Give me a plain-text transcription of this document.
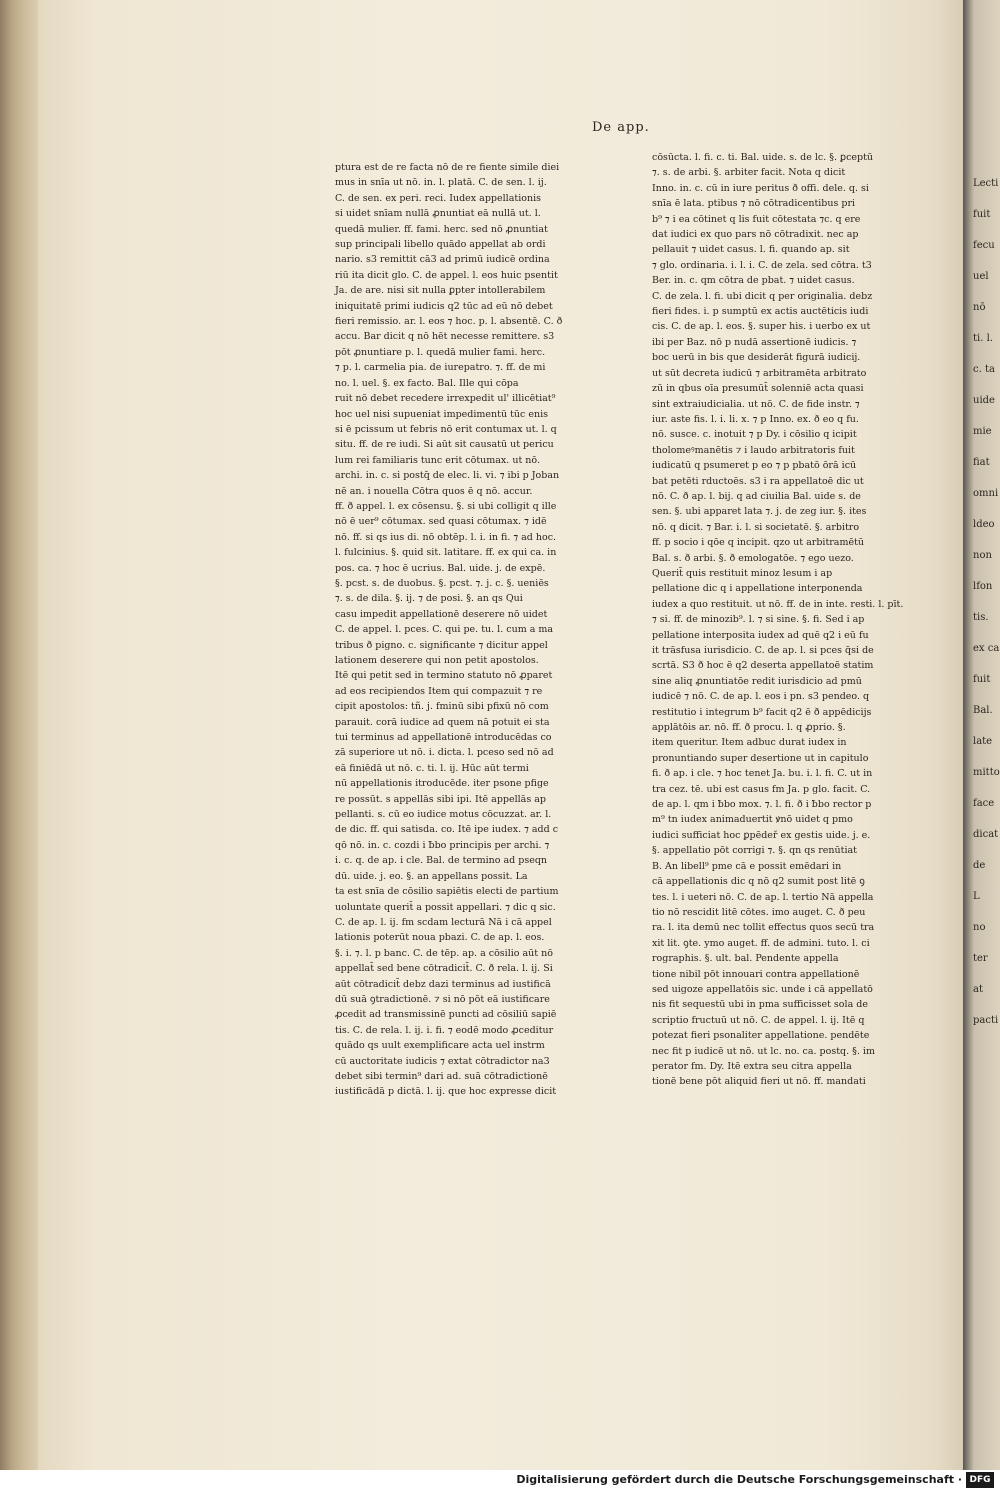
Lecti
fuit
fecu
uel
nō
ti. l.
c. ta
uide
mie
fiat
omni
ldeo
non
lfon
tis.
ex ca
fuit
Bal.
late
mitto
face
dicat
de
L
no
ter
at
pacti
De app.
ptura est de re facta nō de re fiente simile diei
mus in snīa ut nō. in. l. platā. C. de sen. l. ij.
C. de sen. ex peri. reci. Iudex appellationis
si uidet snīam nullā ꝓnuntiat eā nullā ut. l.
quedā mulier. ff. fami. herc. sed nō ꝓnuntiat
sup principali libello quādo appellat ab ordi
nario. s3 remittit cā3 ad primū iudicē ordina
riū ita dicit glo. C. de appel. l. eos huic psentit
Ja. de are. nisi sit nulla ꝑpter intollerabilem
iniquitatē primi iudicis q2 tūc ad eū nō debet
fieri remissio. ar. l. eos ⁊ hoc. p. l. absentē. C. ð
accu. Bar dicit q nō hēt necesse remittere. s3
pōt ꝓnuntiare p. l. quedā mulier fami. herc.
⁊ p. l. carmelia pia. de iurepatro. ⁊. ff. de mi
no. l. uel. §. ex facto. Bal. Ille qui cōpa
ruit nō debet recedere irrexpedit ul' illicētiat⁹
hoc uel nisi supueniat impedimentū tūc enis
si ē pcissum ut febris nō erit contumax ut. l. q
situ. ff. de re iudi. Si aūt sit causatū ut pericu
lum rei familiaris tunc erit cōtumax. ut nō.
archi. in. c. si postq̄ de elec. li. vi. ⁊ ibi p Joban
nē an. i nouella Cōtra quos ē q nō. accur.
ff. ð appel. l. ex cōsensu. §. si ubi colligit q ille
nō ē uer⁹ cōtumax. sed quasi cōtumax. ⁊ idē
nō. ff. si qs ius di. nō obtēp. l. i. in fi. ⁊ ad hoc.
l. fulcinius. §. quid sit. latitare. ff. ex qui ca. in
pos. ca. ⁊ hoc ē ucrius. Bal. uide. j. de expē.
§. pcst. s. de duobus. §. pcst. ⁊. j. c. §. ueniēs
⁊. s. de dila. §. ij. ⁊ de posi. §. an qs Qui
casu impedit appellationē deserere nō uidet
C. de appel. l. pces. C. qui pe. tu. l. cum a ma
tribus ð pigno. c. significante ⁊ dicitur appel
lationem deserere qui non petit apostolos.
Itē qui petit sed in termino statuto nō ꝓparet
ad eos recipiendos Item qui compazuit ⁊ re
cipit apostolos: tñ. j. fminū sibi pfixū nō com
parauit. corā iudice ad quem nā potuit ei sta
tui terminus ad appellationē introducēdas co
zā superiore ut nō. i. dicta. l. pceso sed nō ad
eā finiēdā ut nō. c. ti. l. ij. Hūc aūt termi
nū appellationis itroducēde. iter psone pfige
re possūt. s appellās sibi ipi. Itē appellās ap
pellanti. s. cū eo iudice motus cōcuzzat. ar. l.
de dic. ff. qui satisda. co. Itē ipe iudex. ⁊ add c
qō nō. in. c. cozdi i ƀbo principis per archi. ⁊
i. c. q. de ap. i cle. Bal. de termino ad pseqn
dū. uide. j. eo. §. an appellans possit. La
ta est snīa de cōsilio sapiētis electi de partium
uoluntate querit̄ a possit appellari. ⁊ dic q sic.
C. de ap. l. ij. fm scdam lecturā Nā i cā appel
lationis poterūt noua pbazi. C. de ap. l. eos.
§. i. ⁊. l. p banc. C. de tēp. ap. a cōsilio aūt nō
appellat̄ sed bene cōtradicit̄. C. ð rela. l. ij. Si
aūt cōtradicit̄ debz dazi terminus ad iustificā
dū suā ꝯtradictionē. ⁊ si nō pōt eā iustificare
ꝓcedit ad transmissinē puncti ad cōsiliū sapiē
tis. C. de rela. l. ij. i. fi. ⁊ eodē modo ꝓceditur
quādo qs uult exemplificare acta uel instrm
cū auctoritate iudicis ⁊ extat cōtradictor na3
debet sibi termin⁹ dari ad. suā cōtradictionē
iustificādā p dictā. l. ij. que hoc expresse dicit
cōsūcta. l. fi. c. ti. Bal. uide. s. de lc. §. ꝑceptū
⁊. s. de arbi. §. arbiter facit. Nota q dicit
Inno. in. c. cū in iure peritus ð offi. dele. q. si
snīa ē lata. ptibus ⁊ nō cōtradicentibus pri
b⁹ ⁊ i ea cōtinet q lis fuit cōtestata ⁊c. q ere
dat iudici ex quo pars nō cōtradixit. nec ap
pellauit ⁊ uidet casus. l. fi. quando ap. sit
⁊ glo. ordinaria. i. l. i. C. de zela. sed cōtra. t3
Ber. in. c. qm cōtra de pbat. ⁊ uidet casus.
C. de zela. l. fi. ubi dicit q per originalia. debz
fieri fides. i. p sumptū ex actis auctēticis iudi
cis. C. de ap. l. eos. §. super his. i uerbo ex ut
ibi per Baz. nō p nudā assertionē iudicis. ⁊
boc uerū in bis que desiderāt figurā iudicij.
ut sūt decreta iudicū ⁊ arbitramēta arbitrato
zū in qbus oīa presumūt̄ solenniē acta quasi
sint extraiudicialia. ut nō. C. de fide instr. ⁊
iur. aste fis. l. i. li. x. ⁊ p Inno. ex. ð eo q fu.
nō. susce. c. inotuit ⁊ p Dy. i cōsilio q icipit
tholomeꝰmanētis ⁊ i laudo arbitratoris fuit
iudicatū q psumeret p eo ⁊ p pbatō ōrā icū
bat petēti rductoēs. s3 i ra appellatoē dic ut
nō. C. ð ap. l. bij. q ad ciuilia Bal. uide s. de
sen. §. ubi apparet lata ⁊. j. de zeg iur. §. ites
nō. q dicit. ⁊ Bar. i. l. si societatē. §. arbitro
ff. p socio i qōe q incipit. qzo ut arbitramētū
Bal. s. ð arbi. §. ð emologatōe. ⁊ ego uezo.
Querit̄ quis restituit minoz lesum i ap
pellatione dic q i appellatione interponenda
iudex a quo restituit. ut nō. ff. de in inte. resti. l. pīt.
⁊ si. ff. de minozib⁹. l. ⁊ si sine. §. fi. Sed i ap
pellatione interposita iudex ad quē q2 i eū fu
it trāsfusa iurisdicio. C. de ap. l. si pces q̄si de
scrtā. S3 ð hoc ē q2 deserta appellatoē statim
sine aliq ꝓnuntiatōe redit iurisdicio ad pmū
iudicē ⁊ nō. C. de ap. l. eos i pn. s3 pendeo. q
restitutio i integrum b⁹ facit q2 ē ð appēdicijs
applātōis ar. nō. ff. ð procu. l. q ꝓprio. §.
item queritur. Item adbuc durat iudex in
pronuntiando super desertione ut in capitulo
fi. ð ap. i cle. ⁊ hoc tenet Ja. bu. i. l. fi. C. ut in
tra cez. tē. ubi est casus fm Ja. p glo. facit. C.
de ap. l. qm i ƀbo mox. ⁊. l. fi. ð i ƀbo rector p
m⁹ tn iudex animaduertit ꝟnō uidet q pmo
iudici sufficiat hoc ꝑpēdeř ex gestis uide. j. e.
§. appellatio pōt corrigi ⁊. §. qn qs renūtiat
B. An libell⁹ pme cā e possit emēdari in
cā appellationis dic q nō q2 sumit post litē ꝯ
tes. l. i ueteri nō. C. de ap. l. tertio Nā appella
tio nō rescidit litē cōtes. imo auget. C. ð peu
ra. l. ita demū nec tollit effectus quos secū tra
xit lit. ꝯte. ymo auget. ff. de admini. tuto. l. ci
rographis. §. ult. bal. Pendente appella
tione nibil pōt innouari contra appellationē
sed uigoze appellatōis sic. unde i cā appellatō
nis fit sequestū ubi in pma sufficisset sola de
scriptio fructuū ut nō. C. de appel. l. ij. Itē q
potezat fieri psonaliter appellatione. pendēte
nec fit p iudicē ut nō. ut lc. no. ca. postq. §. im
perator fm. Dy. Itē extra seu citra appella
tionē bene pōt aliquid fieri ut nō. ff. mandati
Digitalisierung gefördert durch die Deutsche Forschungsgemeinschaft · DFG
